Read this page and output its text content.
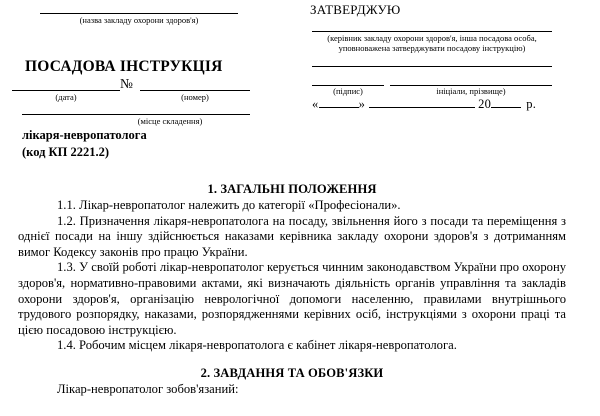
(назва закладу охорони здоров'я)
ПОСАДОВА ІНСТРУКЦІЯ
№
(дата)	(номер)
(місце складення)
лікаря-невропатолога
(код КП 2221.2)
ЗАТВЕРДЖУЮ
(керівник закладу охорони здоров'я, інша посадова особа,
уповноважена затверджувати посадову інструкцію)
(підпис)	ініціали, прізвище)
«	»	20	р.
1. ЗАГАЛЬНІ ПОЛОЖЕННЯ

1.1. Лікар-невропатолог належить до категорії «Професіонали».

1.2. Призначення лікаря-невропатолога на посаду, звільнення його з посади та переміщення з однієї посади на іншу здійснюється наказами керівника закладу охорони здоров'я з дотриманням вимог Кодексу законів про працю України.

1.3. У своїй роботі лікар-невропатолог керується чинним законодавством України про охорону здоров'я, нормативно-правовими актами, які визначають діяльність органів управління та закладів охорони здоров'я, організацію неврологічної допомоги населенню, правилами внутрішнього трудового розпорядку, наказами, розпорядженнями керівних осіб, інструкціями з охорони праці та цією посадовою інструкцією.

1.4. Робочим місцем лікаря-невропатолога є кабінет лікаря-невропатолога.

2. ЗАВДАННЯ ТА ОБОВ'ЯЗКИ

Лікар-невропатолог зобов'язаний:
